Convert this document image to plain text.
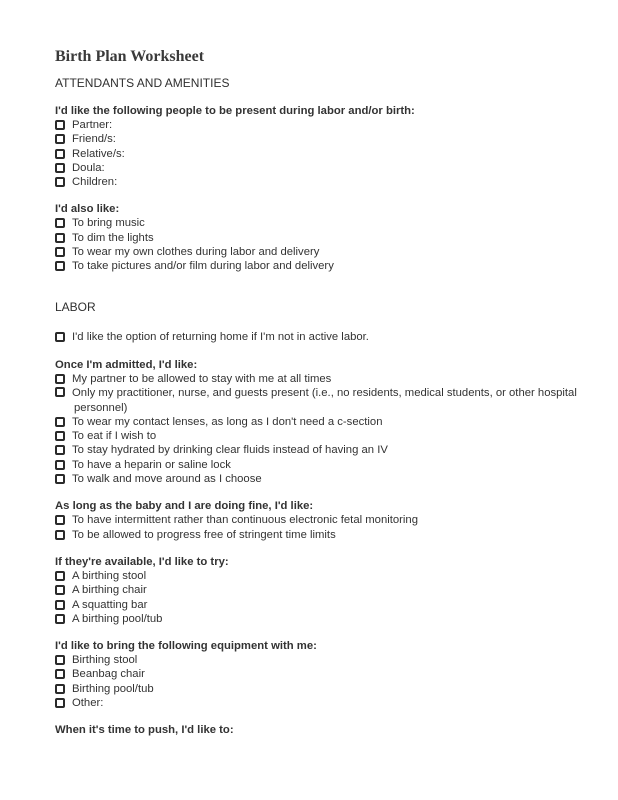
Birth Plan Worksheet
ATTENDANTS AND AMENITIES
I'd like the following people to be present during labor and/or birth:
Partner:
Friend/s:
Relative/s:
Doula:
Children:
I'd also like:
To bring music
To dim the lights
To wear my own clothes during labor and delivery
To take pictures and/or film during labor and delivery
LABOR
I'd like the option of returning home if I'm not in active labor.
Once I'm admitted, I'd like:
My partner to be allowed to stay with me at all times
Only my practitioner, nurse, and guests present (i.e., no residents, medical students, or other hospital personnel)
To wear my contact lenses, as long as I don't need a c-section
To eat if I wish to
To stay hydrated by drinking clear fluids instead of having an IV
To have a heparin or saline lock
To walk and move around as I choose
As long as the baby and I are doing fine, I'd like:
To have intermittent rather than continuous electronic fetal monitoring
To be allowed to progress free of stringent time limits
If they're available, I'd like to try:
A birthing stool
A birthing chair
A squatting bar
A birthing pool/tub
I'd like to bring the following equipment with me:
Birthing stool
Beanbag chair
Birthing pool/tub
Other:
When it's time to push, I'd like to:
